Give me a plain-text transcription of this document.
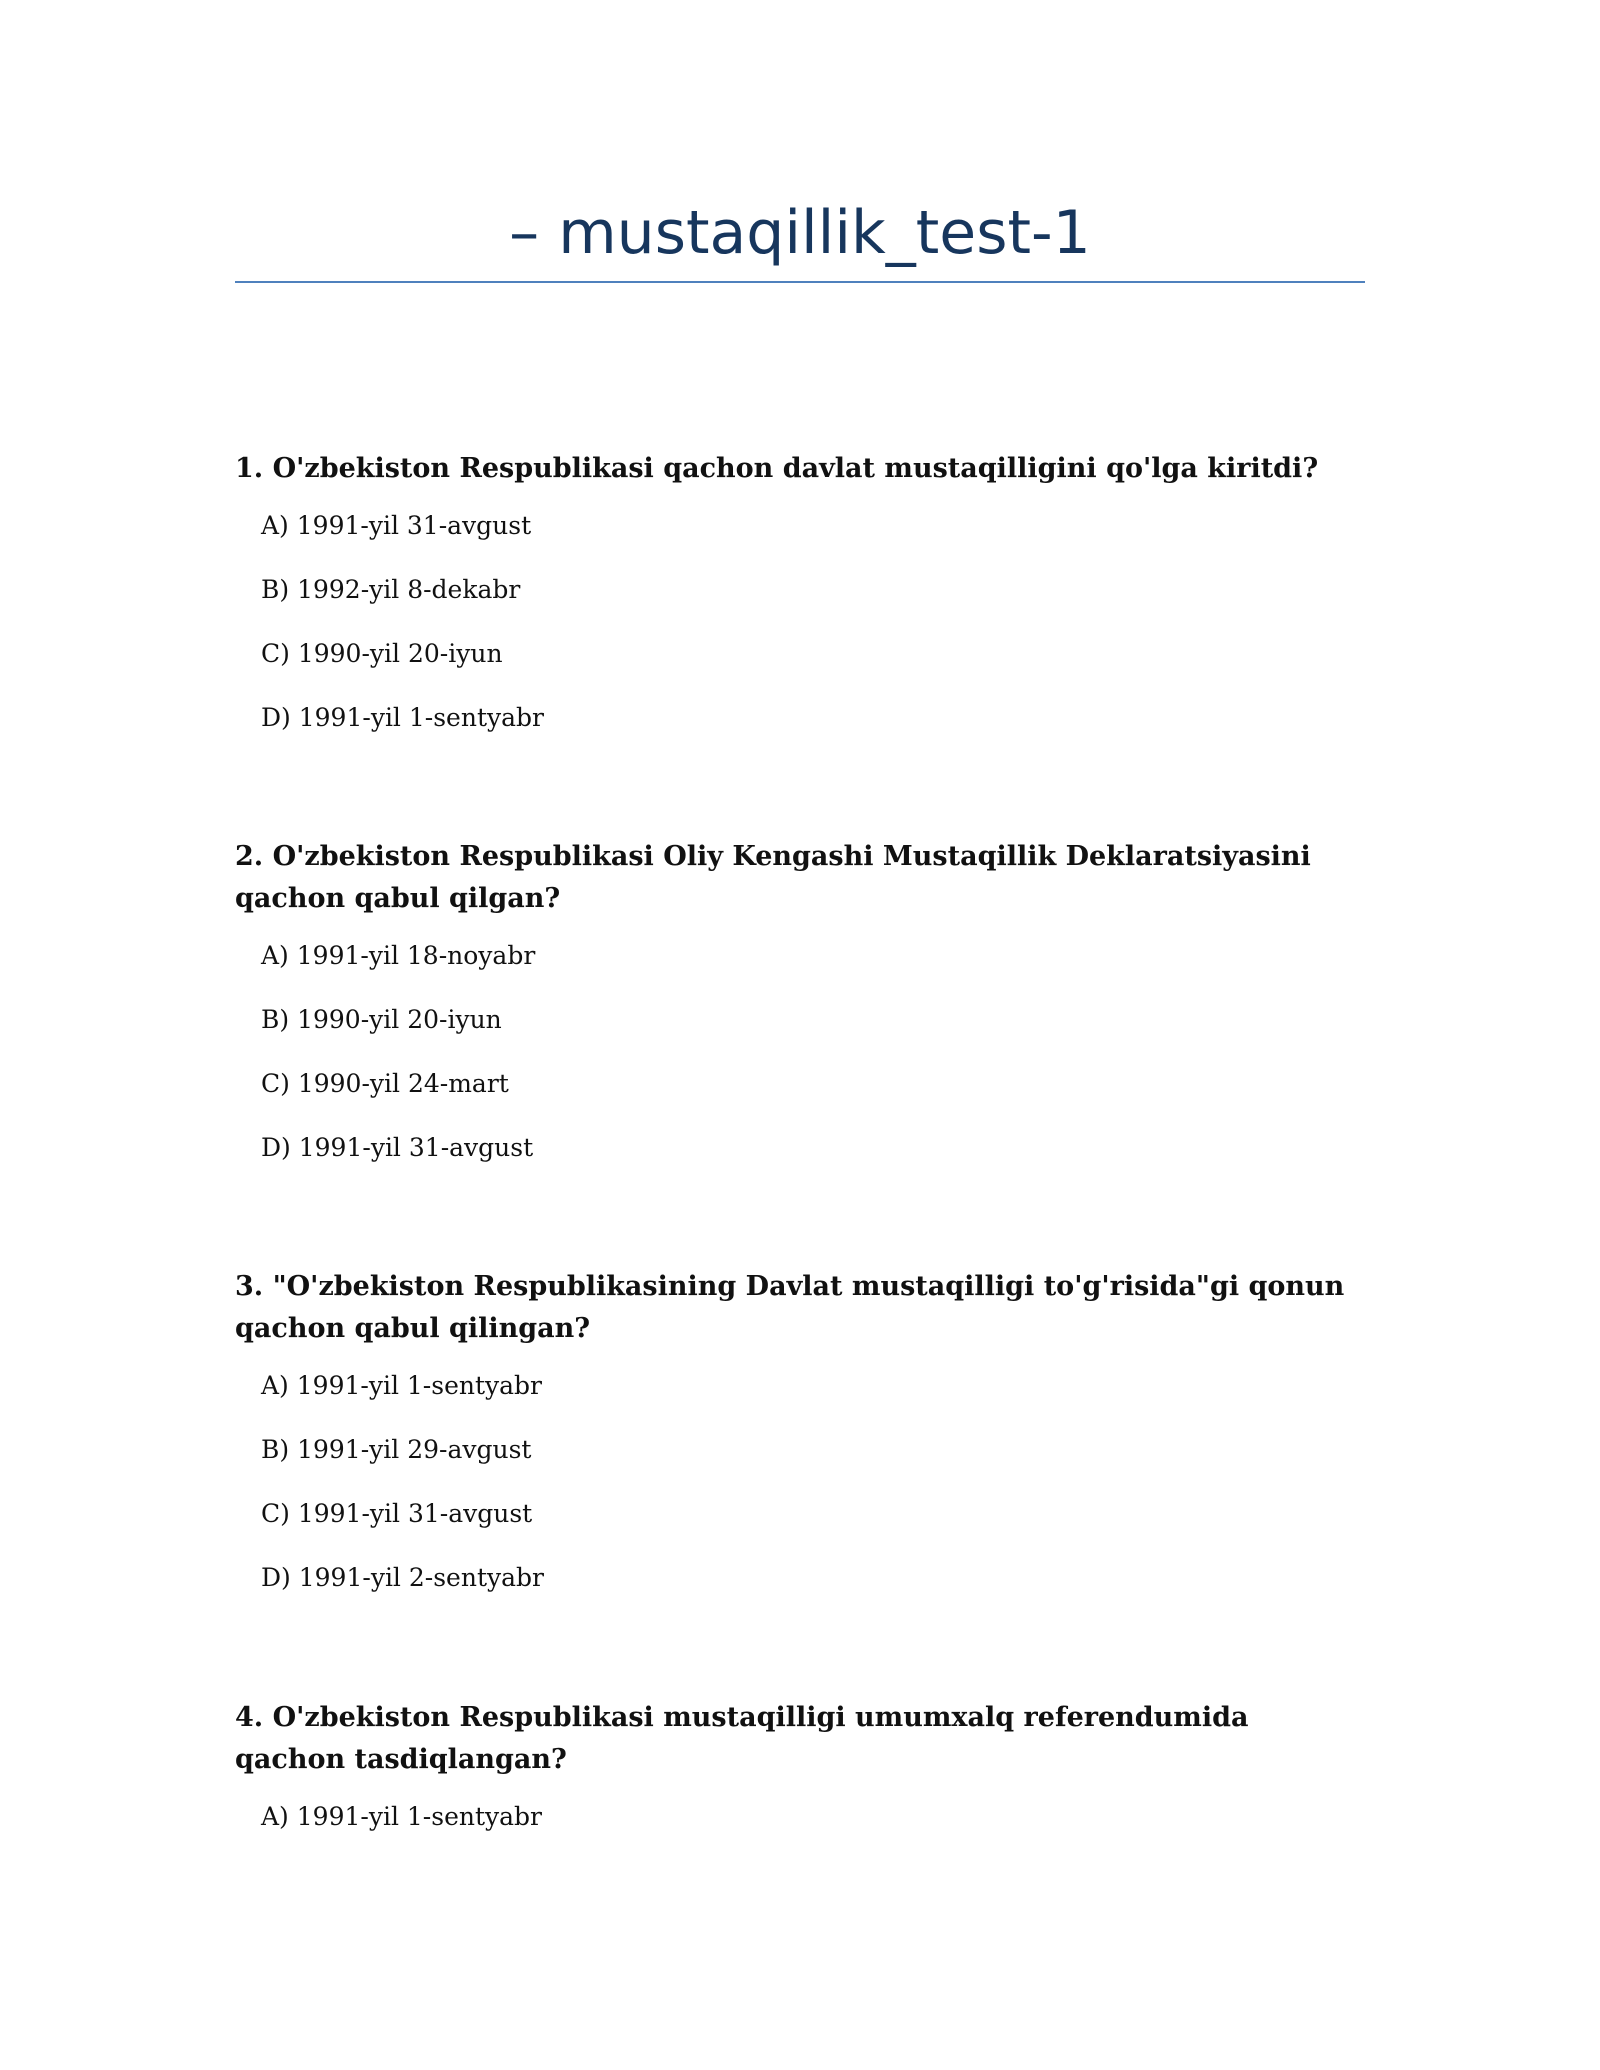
– mustaqillik_test-1

1. O'zbekiston Respublikasi qachon davlat mustaqilligini qo'lga kiritdi?

A) 1991-yil 31-avgust
B) 1992-yil 8-dekabr
C) 1990-yil 20-iyun
D) 1991-yil 1-sentyabr

2. O'zbekiston Respublikasi Oliy Kengashi Mustaqillik Deklaratsiyasini qachon qabul qilgan?

A) 1991-yil 18-noyabr
B) 1990-yil 20-iyun
C) 1990-yil 24-mart
D) 1991-yil 31-avgust

3. "O'zbekiston Respublikasining Davlat mustaqilligi to'g'risida"gi qonun qachon qabul qilingan?

A) 1991-yil 1-sentyabr
B) 1991-yil 29-avgust
C) 1991-yil 31-avgust
D) 1991-yil 2-sentyabr

4. O'zbekiston Respublikasi mustaqilligi umumxalq referendumida qachon tasdiqlangan?

A) 1991-yil 1-sentyabr
